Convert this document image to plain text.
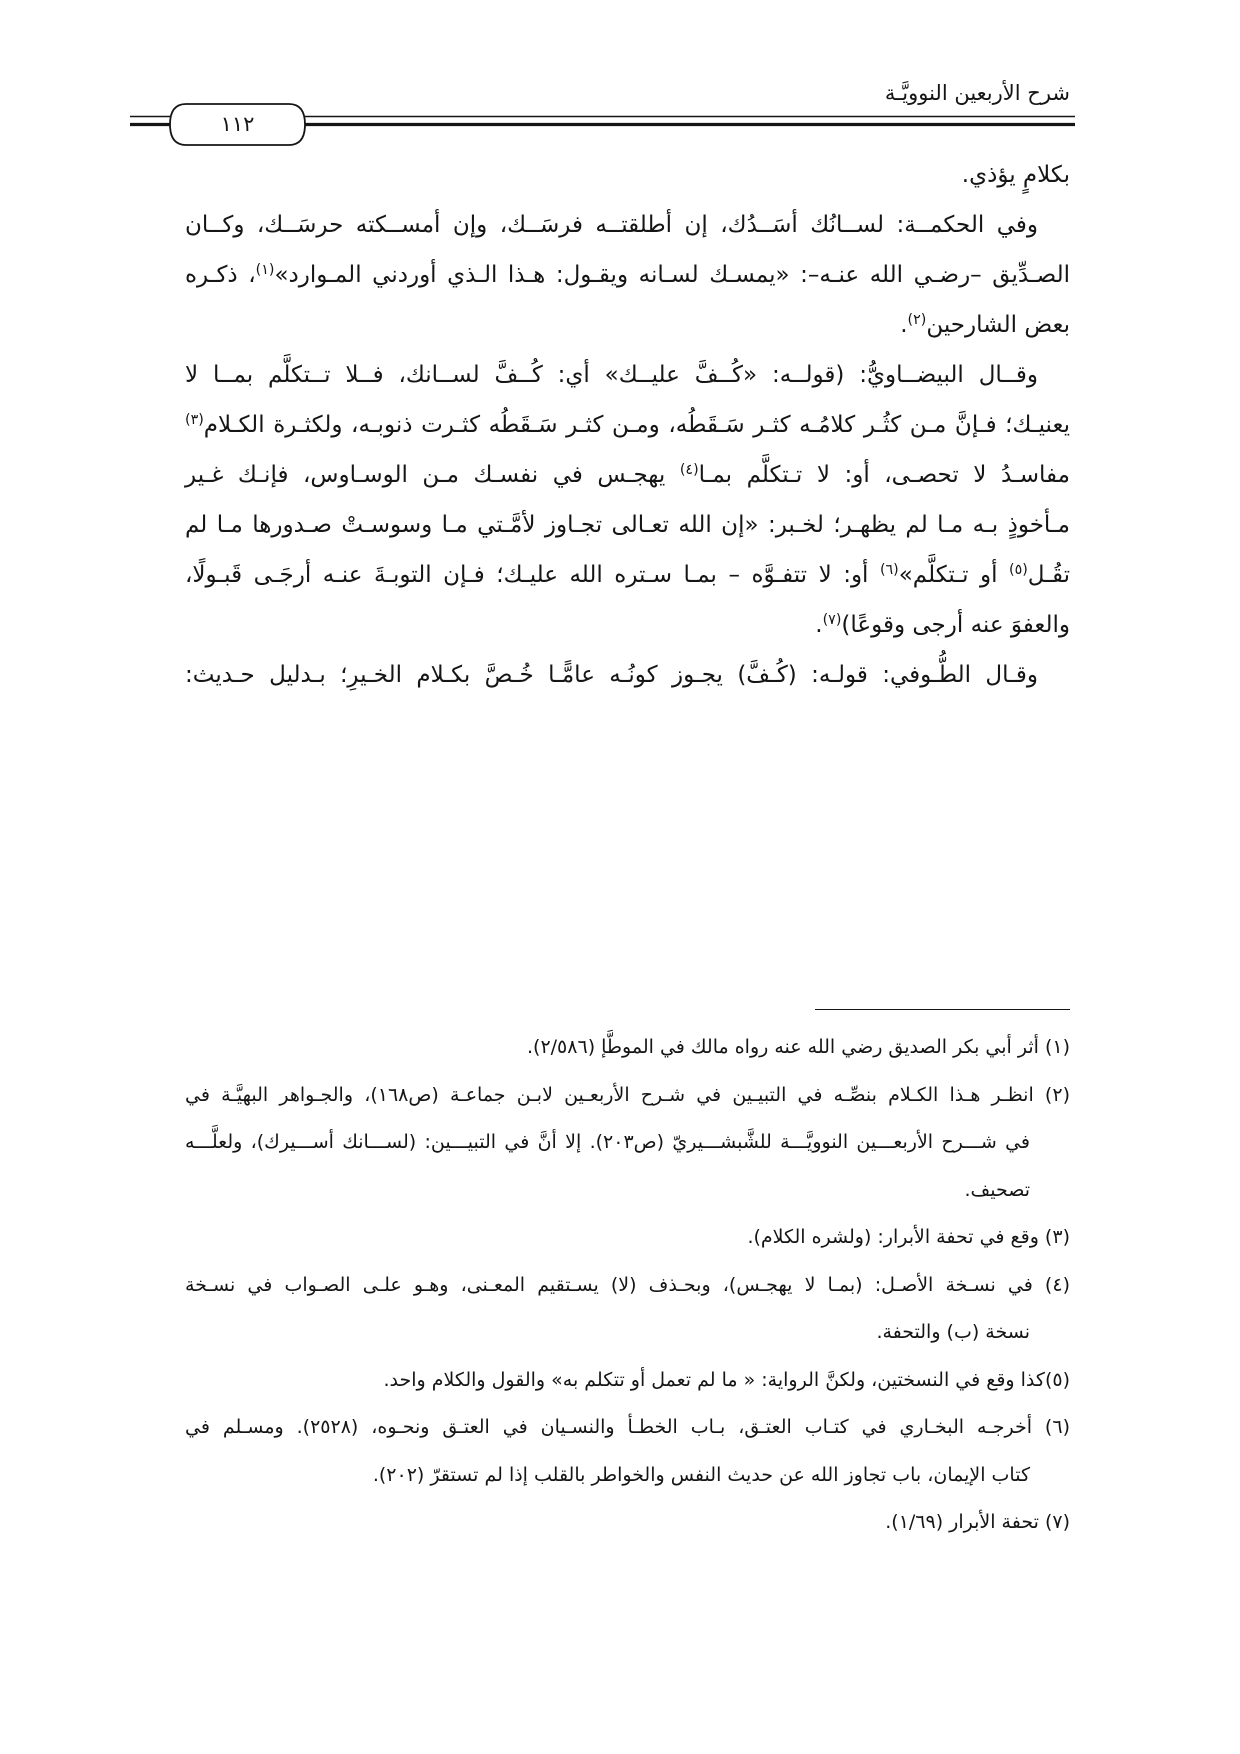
شرح الأربعين النوويَّـة
١١٢
بكلامٍ يؤذي.
وفي الحكمــة: لســانُك أسَــدُك، إن أطلقتــه فرسَــك، وإن أمســكته حرسَــك، وكــان
الصـدِّيق –رضـي الله عنـه–: «يمسـك لسـانه ويقـول: هـذا الـذي أوردني المـوارد»$^{(١)}$، ذكـره
بعض الشارحين$^{(٢)}$.
وقــال البيضــاويُّ: (قولــه: «كُــفَّ عليــك» أي: كُــفَّ لســانك، فــلا تــتكلَّم بمــا لا
يعنيـك؛ فـإنَّ مـن كثُـر كلامُـه كثـر سَـقَطُه، ومـن كثـر سَـقَطُه كثـرت ذنوبـه، ولكثـرة الكـلام$^{(٣)}$
مفاسـدُ لا تحصـى، أو: لا تـتكلَّم بمـا$^{(٤)}$ يهجـس في نفسـك مـن الوسـاوس، فإنـك غـير
مـأخوذٍ بـه مـا لم يظهـر؛ لخـبر: «إن الله تعـالى تجـاوز لأمَّـتي مـا وسوسـتْ صـدورها مـا لم
تقُـل$^{(٥)}$ أو تـتكلَّم»$^{(٦)}$ أو: لا تتفـوَّه – بمـا سـتره الله عليـك؛ فـإن التوبـةَ عنـه أرجَـى قَبـولًا،
والعفوَ عنه أرجى وقوعًا)$^{(٧)}$.
وقـال الطُّـوفي: قولـه: (كُـفَّ) يجـوز كونُـه عامًّـا خُـصَّ بكـلام الخـيرِ؛ بـدليل حـديث:
(١) أثر أبي بكر الصديق رضي الله عنه رواه مالك في الموطَّإ (٢/٥٨٦).
(٢) انظـر هـذا الكـلام بنصِّـه في التبيـين في شـرح الأربعـين لابـن جماعـة (ص١٦٨)، والجـواهر البهيَّـة في
في شـــرح الأربعـــين النوويَّـــة للشَّبشـــيريّ (ص٢٠٣). إلا أنَّ في التبيـــين: (لســـانك أســـيرك)، ولعلَّـــه
تصحيف.
(٣) وقع في تحفة الأبرار: (ولشره الكلام).
(٤) في نسـخة الأصـل: (بمـا لا يهجـس)، وبحـذف (لا) يسـتقيم المعـنى، وهـو علـى الصـواب في نسـخة
نسخة (ب) والتحفة.
(٥)كذا وقع في النسختين، ولكنَّ الرواية: « ما لم تعمل أو تتكلم به» والقول والكلام واحد.
(٦) أخرجـه البخـاري في كتـاب العتـق، بـاب الخطـأ والنسـيان في العتـق ونحـوه، (٢٥٢٨). ومسـلم في
كتاب الإيمان، باب تجاوز الله عن حديث النفس والخواطر بالقلب إذا لم تستقرّ (٢٠٢).
(٧) تحفة الأبرار (١/٦٩).
